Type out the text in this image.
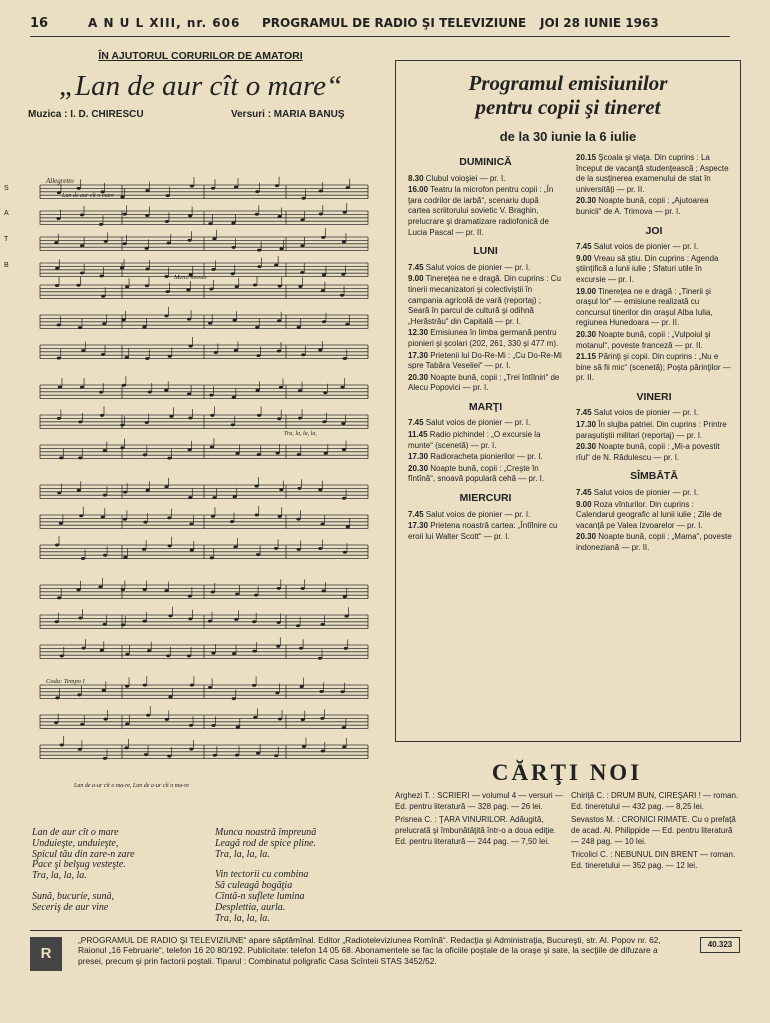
16	A N U L XIII, nr. 606 PROGRAMUL DE RADIO ŞI TELEVIZIUNE JOI 28 IUNIE 1963
ÎN AJUTORUL CORURILOR DE AMATORI
„Lan de aur cît o mare“
Muzica : I. D. CHIRESCU	Versuri : MARIA BANUŞ
Allegretto
Meno mosso
Coda: Tempo I
S
A
T
B
Lan de aur cît o mare
Tra, la, la, la,
Lan de a-ur cît o ma-re, Lan de a-ur cît o ma-re

Lan de aur cît o mare
Unduieşte, unduieşte,
Spicul tău din zare-n zare
Pace şi belşug vesteşte.
Tra, la, la, la.

Sună, bucurie, sună,
Seceriş de aur vine

Munca noastră împreună
Leagă rod de spice pline.
Tra, la, la, la.

Vin tectorii cu combina
Să culeagă bogăţia
Cîntă-n suflete lumina
Desplettia, aurla.
Tra, la, la, la.

Programul emisiunilor
pentru copii şi tineret
de la 30 iunie la 6 iulie
DUMINICĂ

8.30 Clubul voioşiei — pr. I.

16.00 Teatru la microfon pentru copii : „În ţara codrilor de iarbă“, scenariu după cartea scriitorului sovietic V. Braghin, prelucrare şi dramatizare radiofonică de Lucia Pascal — pr. II.

LUNI

7.45 Salut voios de pionier — pr. I.

9.00 Tinereţea ne e dragă. Din cuprins : Cu tinerii mecanizatori şi colectiviştii în campania agricolă de vară (reportaj) ; Seară în parcul de cultură şi odihnă „Herăstrău“ din Capitală — pr. I.

12.30 Emisiunea în limba germană pentru pionieri şi şcolari (202, 261, 330 şi 477 m).

17.30 Prietenii lui Do-Re-Mi : „Cu Do-Re-Mi spre Tabăra Veseliei“ — pr. I.

20.30 Noapte bună, copii : „Trei întîlniri“ de Alecu Popovici — pr. I.

MARŢI

7.45 Salut voios de pionier — pr. I.

11.45 Radio pichindel : „O excursie la munte“ (scenetă) — pr. I.

17.30 Radioracheta pionierilor — pr. I.

20.30 Noapte bună, copii : „Creşte în fîntînă“, snoavă populară cehă — pr. I.

MIERCURI

7.45 Salut voios de pionier — pr. I.

17.30 Prietena noastră cartea: „Întîlnire cu eroii lui Walter Scott“ — pr. I.

20.15 Şcoala şi viaţa. Din cuprins : La început de vacanţă studenţească ; Aspecte de la susţinerea examenului de stat în universităţi — pr. II.

20.30 Noapte bună, copii : „Ajutoarea bunicii“ de A. Trimova — pr. I.

JOI

7.45 Salut voios de pionier — pr. I.

9.00 Vreau să ştiu. Din cuprins : Agenda ştiinţifică a lunii iulie ; Sfaturi utile în excursie — pr. I.

19.00 Tinereţea ne e dragă : „Tinerii şi oraşul lor“ — emisiune realizată cu concursul tinerilor din oraşul Alba Iulia, regiunea Hunedoara — pr. II.

20.30 Noapte bună, copii : „Vulpoiul şi motanul“, poveste franceză — pr. II.

21.15 Părinţi şi copii. Din cuprins : „Nu e bine să fii mic“ (scenetă); Poşta părinţilor — pr. II.

VINERI

7.45 Salut voios de pionier — pr. I.

17.30 În slujba patriei. Din cuprins : Printre paraşutiştii militari (reportaj) — pr. I.

20.30 Noapte bună, copii : „Mi-a povestit rîul“ de N. Rădulescu — pr. I.

SÎMBĂTĂ

7.45 Salut voios de pionier — pr. I.

9.00 Roza vînturilor. Din cuprins : Calendarul geografic al lunii iulie ; Zile de vacanţă pe Valea Izvoarelor — pr. I.

20.30 Noapte bună, copii : „Mama“, poveste indoneziană — pr. II.

CĂRŢI NOI

Arghezi T. : SCRIERI — volumul 4 — versuri — Ed. pentru literatură — 328 pag. — 26 lei.

Prisnea C. : ŢARA VINURILOR. Adăugită, prelucrată şi îmbunătăţită într-o a doua ediţie. Ed. pentru literatură — 244 pag. — 7,50 lei.

Chiriţă C. : DRUM BUN, CIREŞARI ! — roman. Ed. tineretului — 432 pag. — 8,25 lei.

Sevastos M. : CRONICI RIMATE. Cu o prefaţă de acad. Al. Philippide — Ed. pentru literatură — 248 pag. — 10 lei.

Tricolici C. : NEBUNUL DIN BRENT — roman. Ed. tineretului — 352 pag. — 12 lei.

R
„PROGRAMUL DE RADIO ŞI TELEVIZIUNE“ apare săptămînal. Editor „Radioteleviziunea Romînă“. Redacţia şi Administraţia, Bucureşti, str. Al. Popov nr. 62, Raionul „16 Februarie“, telefon 16 20 80/192. Publicitate: telefon 14 05 68. Abonamentele se fac la oficiile poştale de la oraşe şi sate, la secţiile de difuzare a presei, precum şi prin factorii poştali. Tiparul : Combinatul poligrafic Casa Scînteii STAS 3452/52.
40.323
